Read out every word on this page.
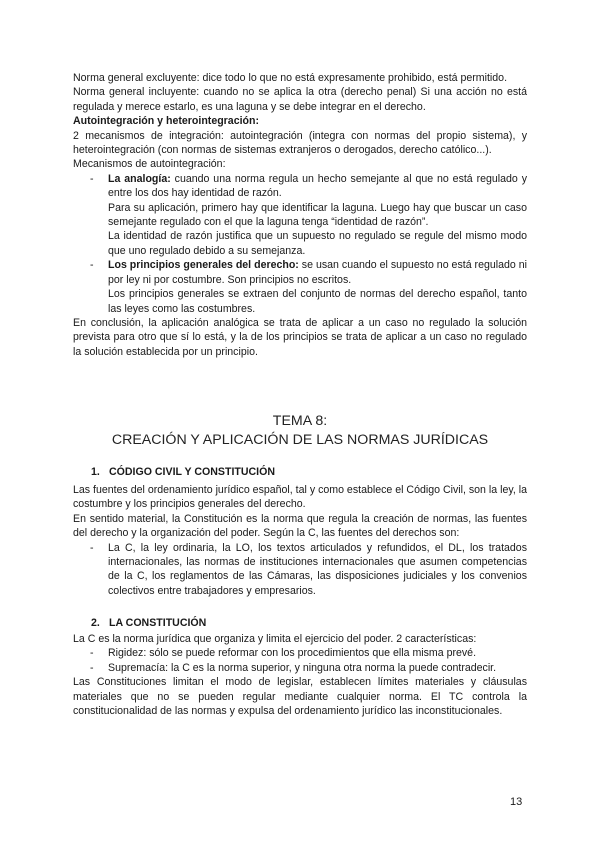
Norma general excluyente: dice todo lo que no está expresamente prohibido, está permitido.

Norma general incluyente: cuando no se aplica la otra (derecho penal) Si una acción no está regulada y merece estarlo, es una laguna y se debe integrar en el derecho.

Autointegración y heterointegración:

2 mecanismos de integración: autointegración (integra con normas del propio sistema), y heterointegración (con normas de sistemas extranjeros o derogados, derecho católico...).

Mecanismos de autointegración:

- La analogía: cuando una norma regula un hecho semejante al que no está regulado y entre los dos hay identidad de razón.
Para su aplicación, primero hay que identificar la laguna. Luego hay que buscar un caso semejante regulado con el que la laguna tenga “identidad de razón”.
La identidad de razón justifica que un supuesto no regulado se regule del mismo modo que uno regulado debido a su semejanza.
- Los principios generales del derecho: se usan cuando el supuesto no está regulado ni por ley ni por costumbre. Son principios no escritos.
Los principios generales se extraen del conjunto de normas del derecho español, tanto las leyes como las costumbres.

En conclusión, la aplicación analógica se trata de aplicar a un caso no regulado la solución prevista para otro que sí lo está, y la de los principios se trata de aplicar a un caso no regulado la solución establecida por un principio.

TEMA 8:
CREACIÓN Y APLICACIÓN DE LAS NORMAS JURÍDICAS
1. CÓDIGO CIVIL Y CONSTITUCIÓN

Las fuentes del ordenamiento jurídico español, tal y como establece el Código Civil, son la ley, la costumbre y los principios generales del derecho.

En sentido material, la Constitución es la norma que regula la creación de normas, las fuentes del derecho y la organización del poder. Según la C, las fuentes del derechos son:

- La C, la ley ordinaria, la LO, los textos articulados y refundidos, el DL, los tratados internacionales, las normas de instituciones internacionales que asumen competencias de la C, los reglamentos de las Cámaras, las disposiciones judiciales y los convenios colectivos entre trabajadores y empresarios.
2. LA CONSTITUCIÓN

La C es la norma jurídica que organiza y limita el ejercicio del poder. 2 características:

- Rigidez: sólo se puede reformar con los procedimientos que ella misma prevé.
- Supremacía: la C es la norma superior, y ninguna otra norma la puede contradecir.

Las Constituciones limitan el modo de legislar, establecen límites materiales y cláusulas materiales que no se pueden regular mediante cualquier norma. El TC controla la constitucionalidad de las normas y expulsa del ordenamiento jurídico las inconstitucionales.

13
